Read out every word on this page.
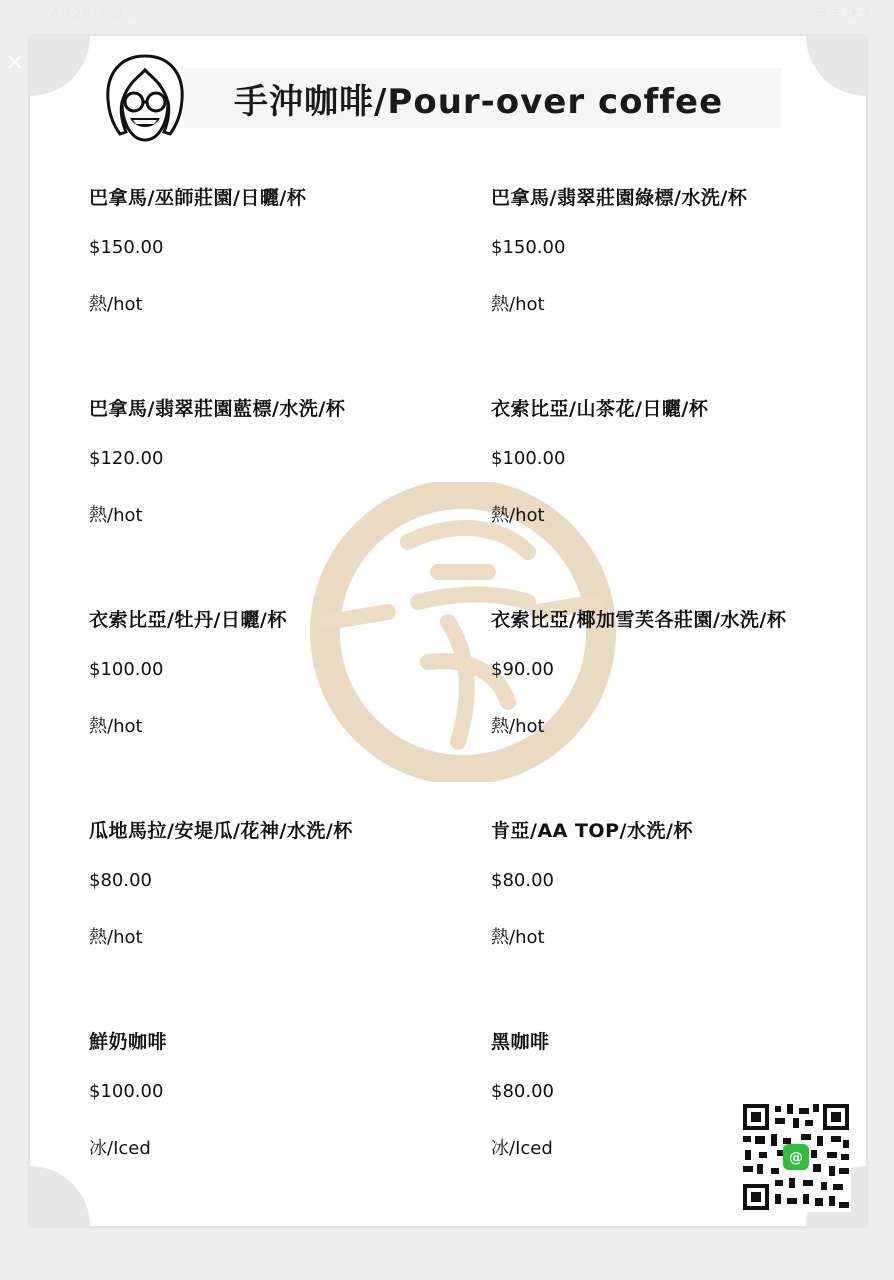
4月26日 週五	⊞ ᯤ ◑ 4
×
手沖咖啡/Pour-over coffee
巴拿馬/巫師莊園/日曬/杯
$150.00
熱/hot
巴拿馬/翡翠莊園綠標/水洗/杯
$150.00
熱/hot
巴拿馬/翡翠莊園藍標/水洗/杯
$120.00
熱/hot
衣索比亞/山茶花/日曬/杯
$100.00
熱/hot
衣索比亞/牡丹/日曬/杯
$100.00
熱/hot
衣索比亞/椰加雪芙各莊園/水洗/杯
$90.00
熱/hot
瓜地馬拉/安堤瓜/花神/水洗/杯
$80.00
熱/hot
肯亞/AA TOP/水洗/杯
$80.00
熱/hot
鮮奶咖啡
$100.00
冰/Iced
黑咖啡
$80.00
冰/Iced	@
